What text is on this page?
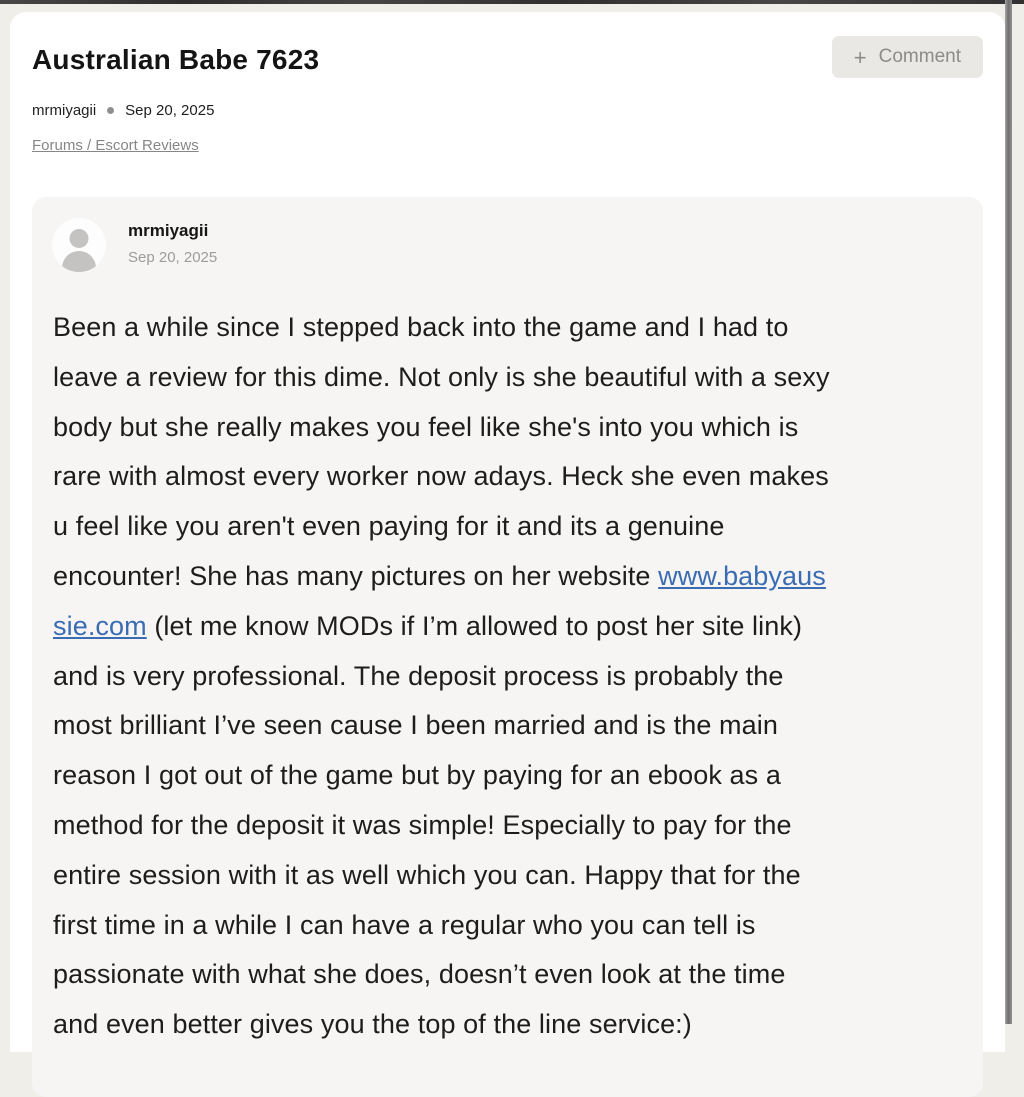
Australian Babe 7623	+ Comment
mrmiyagii Sep 20, 2025
Forums / Escort Reviews
mrmiyagii
Sep 20, 2025
Been a while since I stepped back into the game and I had to
leave a review for this dime. Not only is she beautiful with a sexy
body but she really makes you feel like she's into you which is
rare with almost every worker now adays. Heck she even makes
u feel like you aren't even paying for it and its a genuine
encounter! She has many pictures on her website www.babyaus
sie.com (let me know MODs if I’m allowed to post her site link)
and is very professional. The deposit process is probably the
most brilliant I’ve seen cause I been married and is the main
reason I got out of the game but by paying for an ebook as a
method for the deposit it was simple! Especially to pay for the
entire session with it as well which you can. Happy that for the
first time in a while I can have a regular who you can tell is
passionate with what she does, doesn’t even look at the time
and even better gives you the top of the line service:)
